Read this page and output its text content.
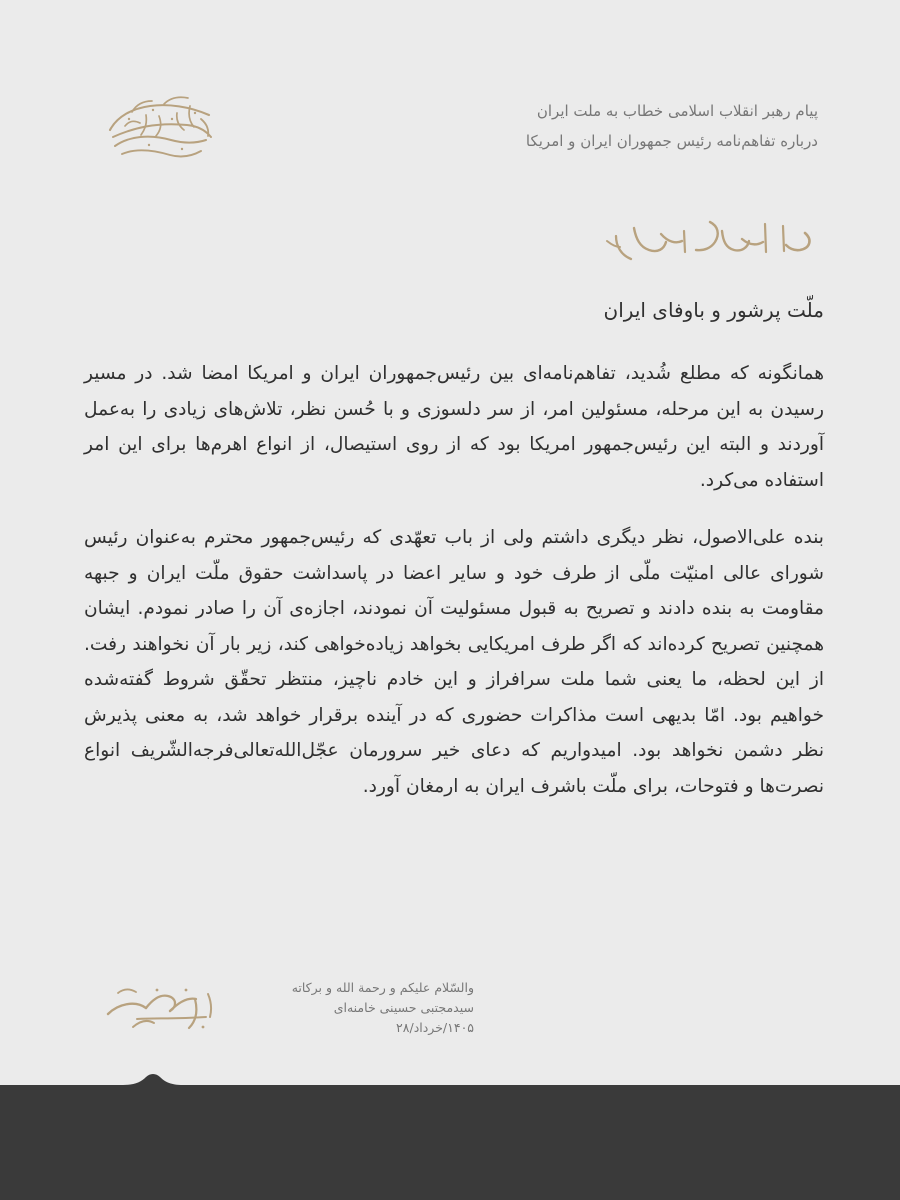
پیام رهبر انقلاب اسلامی خطاب به ملت ایران
درباره تفاهم‌نامه رئیس جمهوران ایران و امریکا
ملّت پرشور و باوفای ایران

همانگونه که مطلع شُدید، تفاهم‌نامه‌ای بین رئیس‌جمهوران ایران و امریکا امضا شد. در مسیر رسیدن به این مرحله، مسئولین امر، از سر دلسوزی و با حُسن نظر، تلاش‌های زیادی را به‌عمل آوردند و البته این رئیس‌جمهور امریکا بود که از روی استیصال، از انواع اهرم‌ها برای این امر استفاده می‌کرد.

بنده علی‌الاصول، نظر دیگری داشتم ولی از باب تعهّدی که رئیس‌جمهور محترم به‌عنوان رئیس شورای عالی امنیّت ملّی از طرف خود و سایر اعضا در پاسداشت حقوق ملّت ایران و جبهه مقاومت به بنده دادند و تصریح به قبول مسئولیت آن نمودند، اجازه‌ی آن را صادر نمودم. ایشان همچنین تصریح کرده‌اند که اگر طرف امریکایی بخواهد زیاده‌خواهی کند، زیر بار آن نخواهند رفت. از این لحظه، ما یعنی شما ملت سرافراز و این خادم ناچیز، منتظر تحقّق شروط گفته‌شده خواهیم بود. امّا بدیهی است مذاکرات حضوری که در آینده برقرار خواهد شد، به معنی پذیرش نظر دشمن نخواهد بود. امیدواریم که دعای خیر سرورمان عجّل‌الله‌تعالی‌فرجه‌الشّریف انواع نصرت‌ها و فتوحات، برای ملّت باشرف ایران به ارمغان آورد.

والسّلام علیکم و رحمة الله و برکاته
سیدمجتبی حسینی خامنه‌ای
۱۴۰۵/خرداد/۲۸
